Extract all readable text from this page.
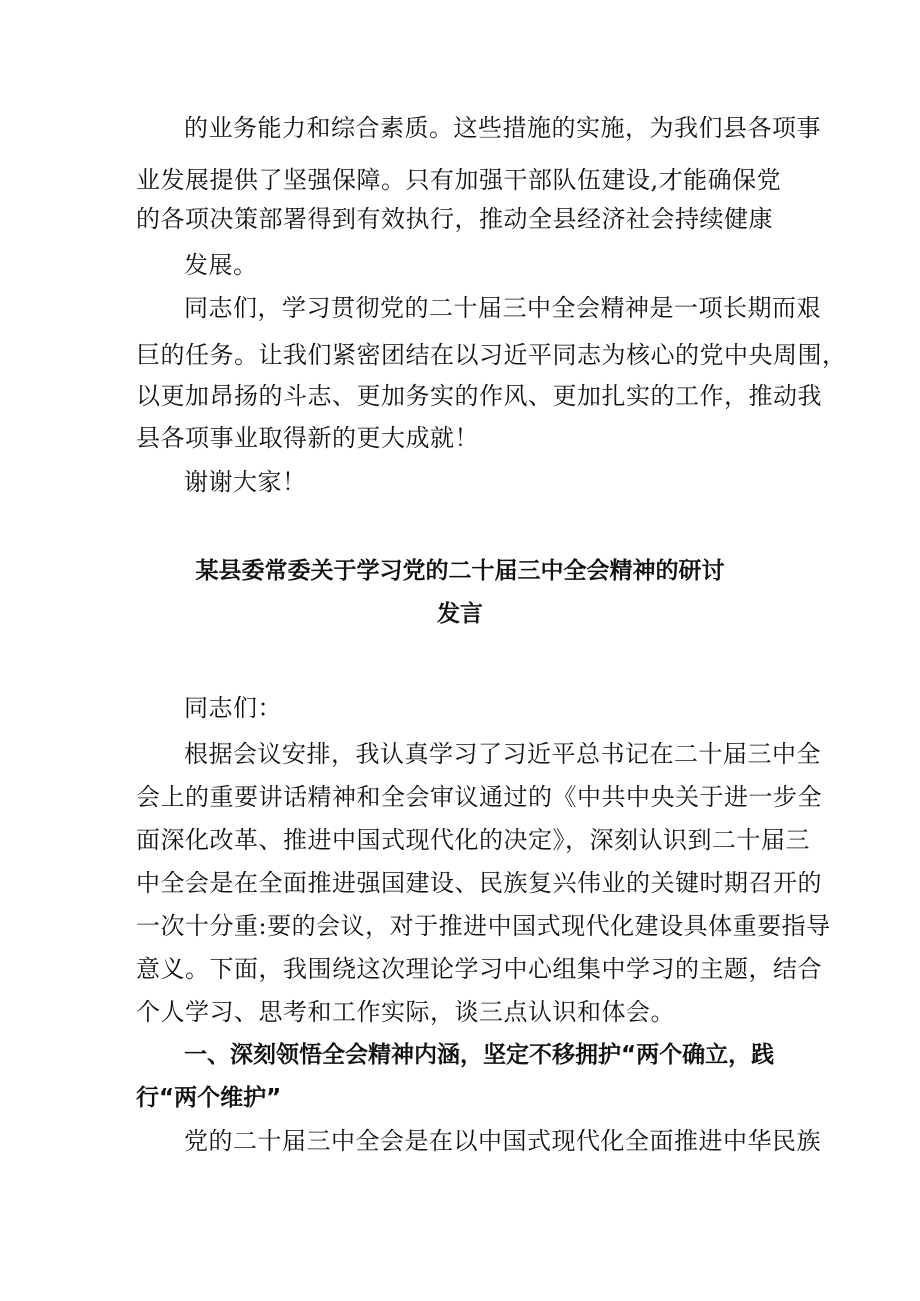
的业务能力和综合素质。这些措施的实施，为我们县各项事
业发展提供了坚强保障。只有加强干部队伍建设,才能确保党
的各项决策部署得到有效执行，推动全县经济社会持续健康
发展。
同志们，学习贯彻党的二十届三中全会精神是一项长期而艰
巨的任务。让我们紧密团结在以习近平同志为核心的党中央周围，
以更加昂扬的斗志、更加务实的作风、更加扎实的工作，推动我
县各项事业取得新的更大成就！
谢谢大家！
某县委常委关于学习党的二十届三中全会精神的研讨
发言
同志们：
根据会议安排，我认真学习了习近平总书记在二十届三中全
会上的重要讲话精神和全会审议通过的《中共中央关于进一步全
面深化改革、推进中国式现代化的决定》，深刻认识到二十届三
中全会是在全面推进强国建设、民族复兴伟业的关键时期召开的
一次十分重:要的会议，对于推进中国式现代化建设具体重要指导
意义。下面，我围绕这次理论学习中心组集中学习的主题，结合
个人学习、思考和工作实际，谈三点认识和体会。
一、深刻领悟全会精神内涵，坚定不移拥护“两个确立，践
行“两个维护”
党的二十届三中全会是在以中国式现代化全面推进中华民族
